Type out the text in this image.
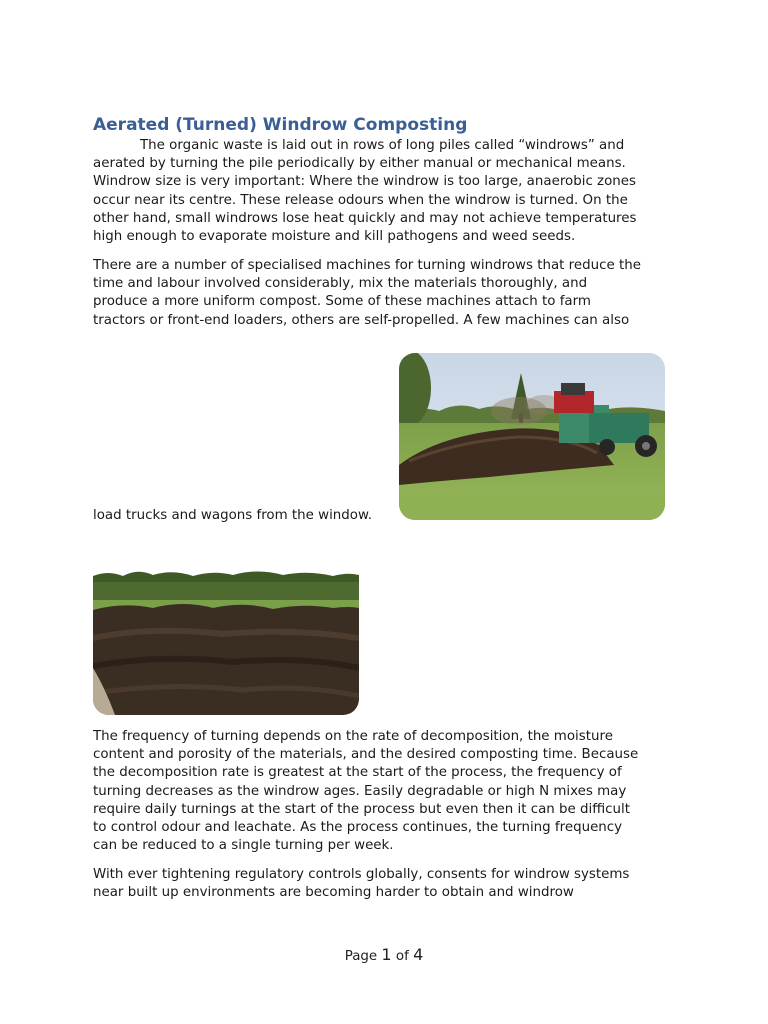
Aerated (Turned) Windrow Composting

The organic waste is laid out in rows of long piles called “windrows” and
aerated by turning the pile periodically by either manual or mechanical means.
Windrow size is very important: Where the windrow is too large, anaerobic zones
occur near its centre. These release odours when the windrow is turned. On the
other hand, small windrows lose heat quickly and may not achieve temperatures
high enough to evaporate moisture and kill pathogens and weed seeds.

There are a number of specialised machines for turning windrows that reduce the
time and labour involved considerably, mix the materials thoroughly, and
produce a more uniform compost. Some of these machines attach to farm
tractors or front-end loaders, others are self-propelled. A few machines can also

load trucks and wagons from the window.

The frequency of turning depends on the rate of decomposition, the moisture
content and porosity of the materials, and the desired composting time. Because
the decomposition rate is greatest at the start of the process, the frequency of
turning decreases as the windrow ages. Easily degradable or high N mixes may
require daily turnings at the start of the process but even then it can be difficult
to control odour and leachate. As the process continues, the turning frequency
can be reduced to a single turning per week.

With ever tightening regulatory controls globally, consents for windrow systems
near built up environments are becoming harder to obtain and windrow

Page 1 of 4
